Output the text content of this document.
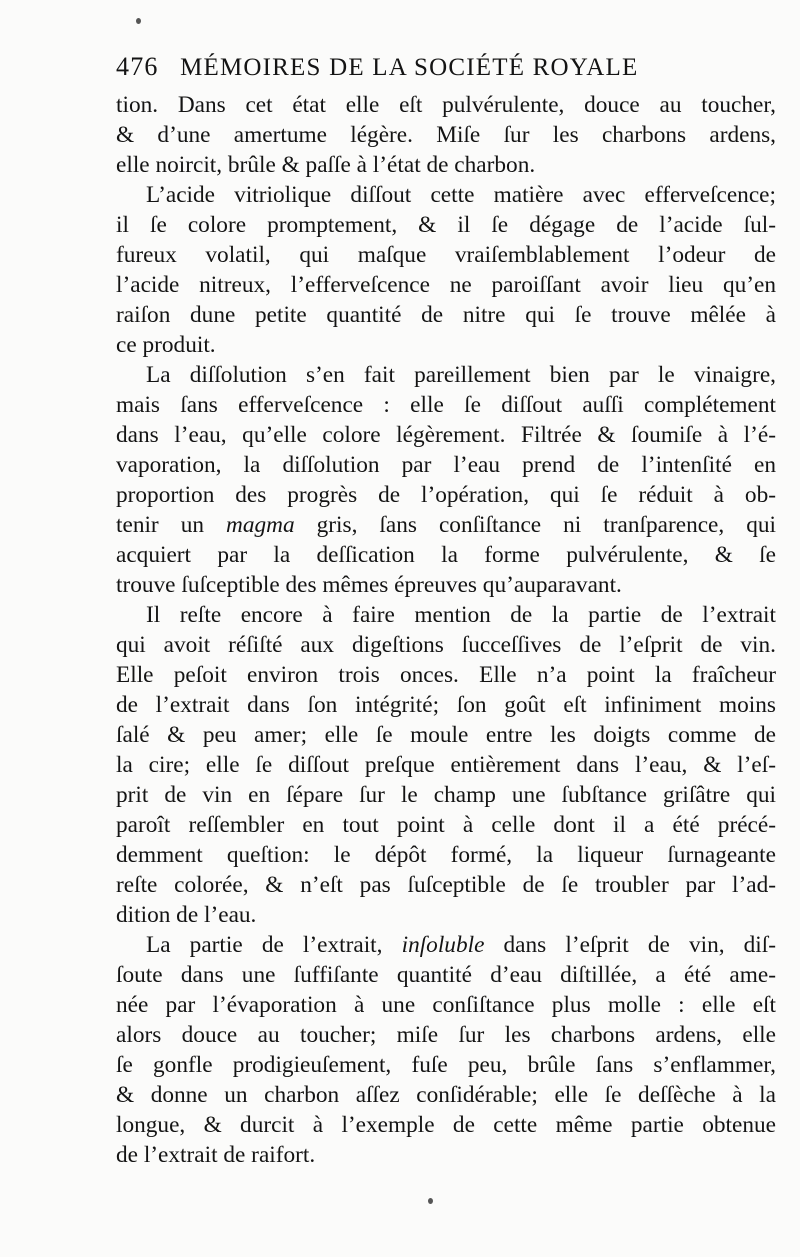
476 MÉMOIRES DE LA SOCIÉTÉ ROYALE
tion. Dans cet état elle eſt pulvérulente, douce au toucher,
& d’une amertume légère. Miſe ſur les charbons ardens,
elle noircit, brûle & paſſe à l’état de charbon.
L’acide vitriolique diſſout cette matière avec efferveſcence;
il ſe colore promptement, & il ſe dégage de l’acide ſul-
fureux volatil, qui maſque vraiſemblablement l’odeur de
l’acide nitreux, l’efferveſcence ne paroiſſant avoir lieu qu’en
raiſon dune petite quantité de nitre qui ſe trouve mêlée à
ce produit.
La diſſolution s’en fait pareillement bien par le vinaigre,
mais ſans efferveſcence : elle ſe diſſout auſſi complétement
dans l’eau, qu’elle colore légèrement. Filtrée & ſoumiſe à l’é-
vaporation, la diſſolution par l’eau prend de l’intenſité en
proportion des progrès de l’opération, qui ſe réduit à ob-
tenir un magma gris, ſans conſiſtance ni tranſparence, qui
acquiert par la deſſication la forme pulvérulente, & ſe
trouve ſuſceptible des mêmes épreuves qu’auparavant.
Il reſte encore à faire mention de la partie de l’extrait
qui avoit réſiſté aux digeſtions ſucceſſives de l’eſprit de vin.
Elle peſoit environ trois onces. Elle n’a point la fraîcheur
de l’extrait dans ſon intégrité; ſon goût eſt infiniment moins
ſalé & peu amer; elle ſe moule entre les doigts comme de
la cire; elle ſe diſſout preſque entièrement dans l’eau, & l’eſ-
prit de vin en ſépare ſur le champ une ſubſtance griſâtre qui
paroît reſſembler en tout point à celle dont il a été précé-
demment queſtion: le dépôt formé, la liqueur ſurnageante
reſte colorée, & n’eſt pas ſuſceptible de ſe troubler par l’ad-
dition de l’eau.
La partie de l’extrait, inſoluble dans l’eſprit de vin, diſ-
ſoute dans une ſuffiſante quantité d’eau diſtillée, a été ame-
née par l’évaporation à une conſiſtance plus molle : elle eſt
alors douce au toucher; miſe ſur les charbons ardens, elle
ſe gonfle prodigieuſement, fuſe peu, brûle ſans s’enflammer,
& donne un charbon aſſez conſidérable; elle ſe deſſèche à la
longue, & durcit à l’exemple de cette même partie obtenue
de l’extrait de raifort.
